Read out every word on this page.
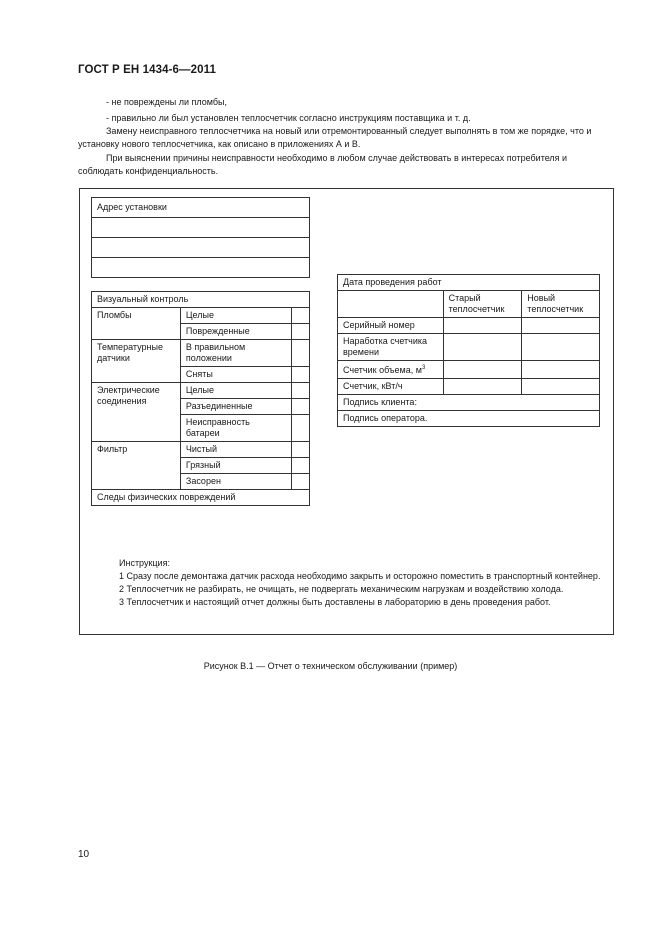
ГОСТ Р ЕН 1434-6—2011
- не повреждены ли пломбы,
- правильно ли был установлен теплосчетчик согласно инструкциям поставщика и т. д.
Замену неисправного теплосчетчика на новый или отремонтированный следует выполнять в том же порядке, что и установку нового теплосчетчика, как описано в приложениях А и В.
При выяснении причины неисправности необходимо в любом случае действовать в интересах потребителя и соблюдать конфиденциальность.
Адрес установки

Визуальный контроль		
Пломбы	Целые	
	Поврежденные	
Температурные датчики	В правильном положении	
	Сняты	
Электрические соединения	Целые	
	Разъединенные	
	Неисправность батареи	
Фильтр	Чистый	
	Грязный	
	Засорен	
Следы физических повреждений		
Дата проведения работ		
	Старый теплосчетчик	Новый теплосчетчик
Серийный номер		
Наработка счетчика времени		
Счетчик объема, $м^3$		
Счетчик, кВт/ч		
Подпись клиента:		
Подпись оператора.		
Инструкция:
1 Сразу после демонтажа датчик расхода необходимо закрыть и осторожно поместить в транспортный контейнер.
2 Теплосчетчик не разбирать, не очищать, не подвергать механическим нагрузкам и воздействию холода.
3 Теплосчетчик и настоящий отчет должны быть доставлены в лабораторию в день проведения работ.
Рисунок В.1 — Отчет о техническом обслуживании (пример)
10
